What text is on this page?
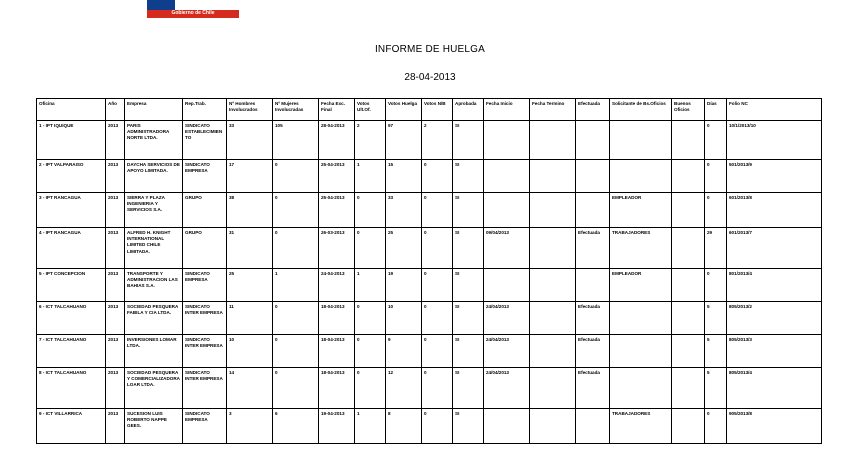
Gobierno de Chile
INFORME DE HUELGA
28-04-2013
Oficina	Año	Empresa	Rep.Trab.	Nº Hombres Involucrados	Nº Mujeres Involucradas	Fecha Exc. Final	Votos Ult.Of.	Votos Huelga	Votos N/B	Aprobada	Fecha Inicio	Fecha Termino	Efectuada	Solicitante de Bs.Oficios	Buenos Oficios	Días	Folio NC
1 - IPT IQUIQUE	2013	PARIS ADMINISTRADORA NORTE LTDA.	SINDICATO ESTABLECIMIENTO	33	105	28-04-2013	2	97	2	SI						0	10/1/2013/10
2 - IPT VALPARAISO	2013	DAYCHA SERVICIOS DE APOYO LIMITADA.	SINDICATO EMPRESA	17	0	25-04-2013	1	15	0	SI						0	501/2013/9
3 - IPT RANCAGUA	2013	SIERRA Y PLAZA INGENIERIA Y SERVICIOS S.A.	GRUPO	38	0	25-04-2013	0	33	0	SI				EMPLEADOR		0	601/2013/8
4 - IPT RANCAGUA	2013	ALFRED H. KNIGHT INTERNATIONAL LIMITED CHILE LIMITADA.	GRUPO	31	0	26-03-2013	0	25	0	SI	09/04/2013		Efectuada	TRABAJADORES		29	601/2013/7
5 - IPT CONCEPCION	2013	TRANSPORTE Y ADMINISTRACION LAS BAHIAS S.A.	SINDICATO EMPRESA	25	1	24-04-2013	1	19	0	SI				EMPLEADOR		0	801/2013/4
6 - ICT TALCAHUANO	2013	SOCIEDAD PESQUERA FABILA Y CIA LTDA.	SINDICATO INTER EMPRESA	11	0	18-04-2013	0	10	0	SI	24/04/2013		Efectuada			5	805/2013/2
7 - ICT TALCAHUANO	2013	INVERSIONES LOMAR LTDA.	SINDICATO INTER EMPRESA	10	0	18-04-2013	0	9	0	SI	24/04/2013		Efectuada			5	805/2013/3
8 - ICT TALCAHUANO	2013	SOCIEDAD PESQUERA Y COMERCIALIZADORA LOAR LTDA.	SINDICATO INTER EMPRESA	14	0	18-04-2013	0	12	0	SI	24/04/2013		Efectuada			5	805/2013/4
9 - ICT VILLARRICA	2013	SUCESION LUIS ROBERTO NAPPE GEES.	SINDICATO EMPRESA	3	6	19-04-2013	1	8	0	SI				TRABAJADORES		0	905/2013/8
